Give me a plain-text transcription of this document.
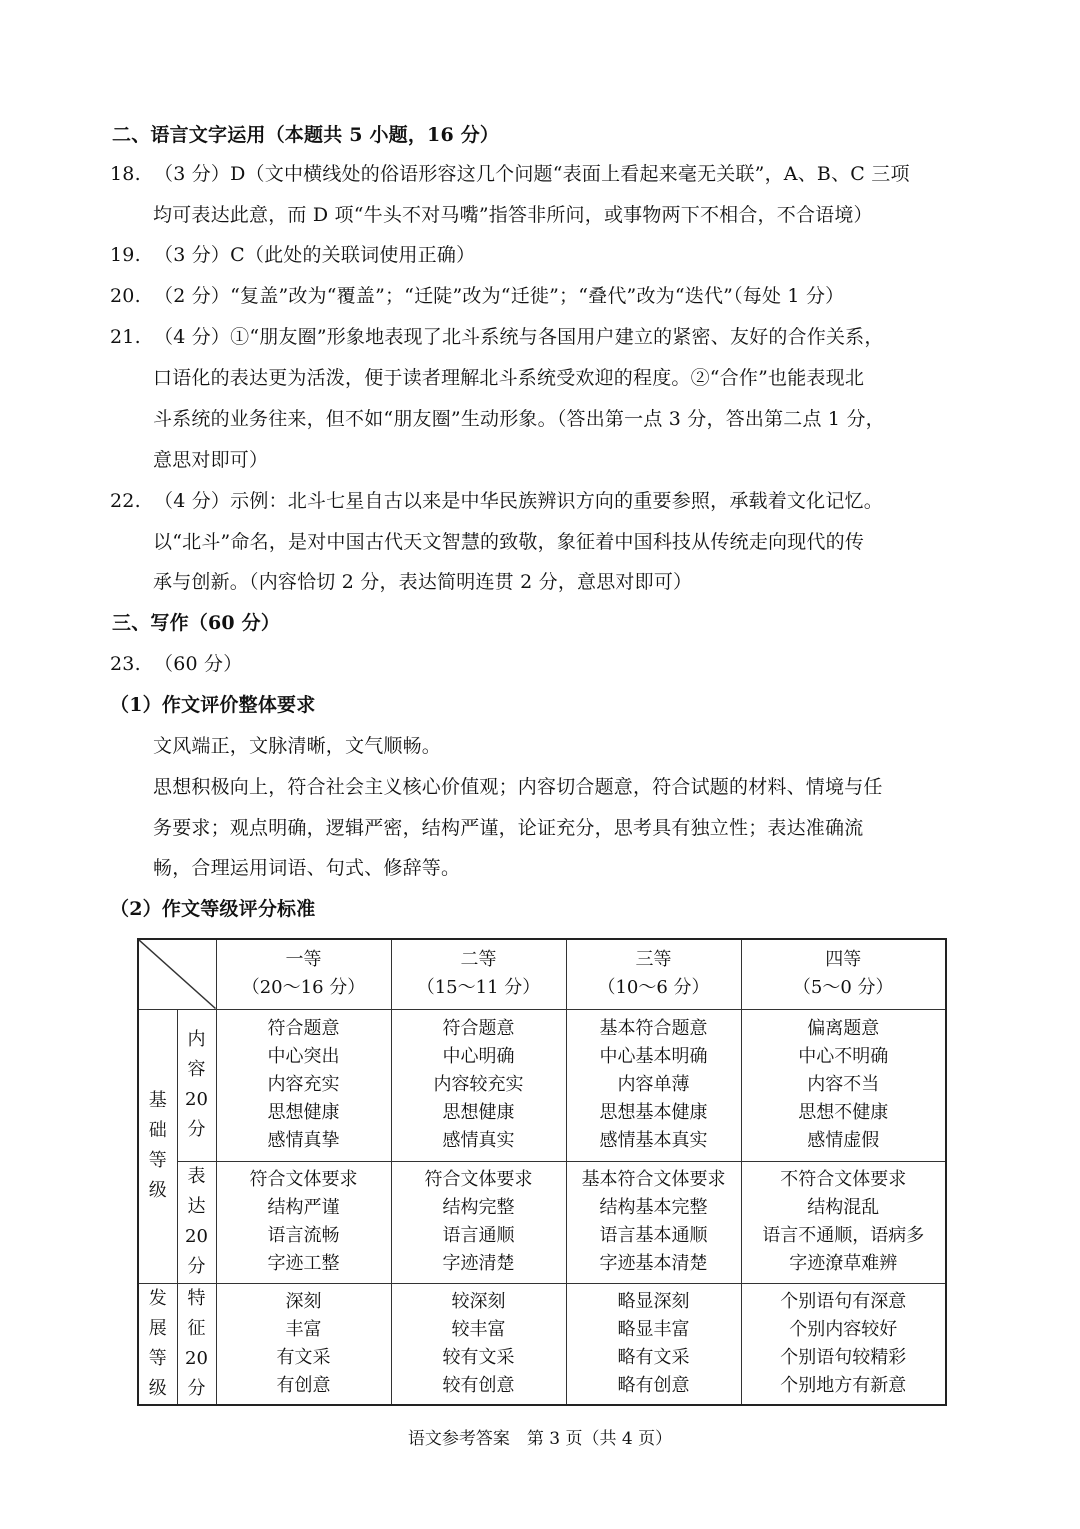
二、语言文字运用（本题共 5 小题，16 分）
18. （3 分）D（文中横线处的俗语形容这几个问题“表面上看起来毫无关联”，A、B、C 三项
均可表达此意，而 D 项“牛头不对马嘴”指答非所问，或事物两下不相合，不合语境）
19. （3 分）C（此处的关联词使用正确）
20. （2 分）“复盖”改为“覆盖”；“迁陡”改为“迁徙”；“叠代”改为“迭代”（每处 1 分）
21. （4 分）①“朋友圈”形象地表现了北斗系统与各国用户建立的紧密、友好的合作关系，
口语化的表达更为活泼，便于读者理解北斗系统受欢迎的程度。②“合作”也能表现北
斗系统的业务往来，但不如“朋友圈”生动形象。（答出第一点 3 分，答出第二点 1 分，
意思对即可）
22. （4 分）示例：北斗七星自古以来是中华民族辨识方向的重要参照，承载着文化记忆。
以“北斗”命名，是对中国古代天文智慧的致敬，象征着中国科技从传统走向现代的传
承与创新。（内容恰切 2 分，表达简明连贯 2 分，意思对即可）
三、写作（60 分）
23. （60 分）
（1）作文评价整体要求
文风端正，文脉清晰，文气顺畅。
思想积极向上，符合社会主义核心价值观；内容切合题意，符合试题的材料、情境与任
务要求；观点明确，逻辑严密，结构严谨，论证充分，思考具有独立性；表达准确流
畅，合理运用词语、句式、修辞等。
（2）作文等级评分标准

一等
（20～16 分）	二等
（15～11 分）	三等
（10～6 分）	四等
（5～0 分）

基
础
等
级	内
容
20
分	符合题意
中心突出
内容充实
思想健康
感情真挚	符合题意
中心明确
内容较充实
思想健康
感情真实	基本符合题意
中心基本明确
内容单薄
思想基本健康
感情基本真实	偏离题意
中心不明确
内容不当
思想不健康
感情虚假

	表
达
20
分	符合文体要求
结构严谨
语言流畅
字迹工整	符合文体要求
结构完整
语言通顺
字迹清楚	基本符合文体要求
结构基本完整
语言基本通顺
字迹基本清楚	不符合文体要求
结构混乱
语言不通顺，语病多
字迹潦草难辨

发
展
等
级	特
征
20
分	深刻
丰富
有文采
有创意	较深刻
较丰富
较有文采
较有创意	略显深刻
略显丰富
略有文采
略有创意	个别语句有深意
个别内容较好
个别语句较精彩
个别地方有新意
语文参考答案　第 3 页（共 4 页）
